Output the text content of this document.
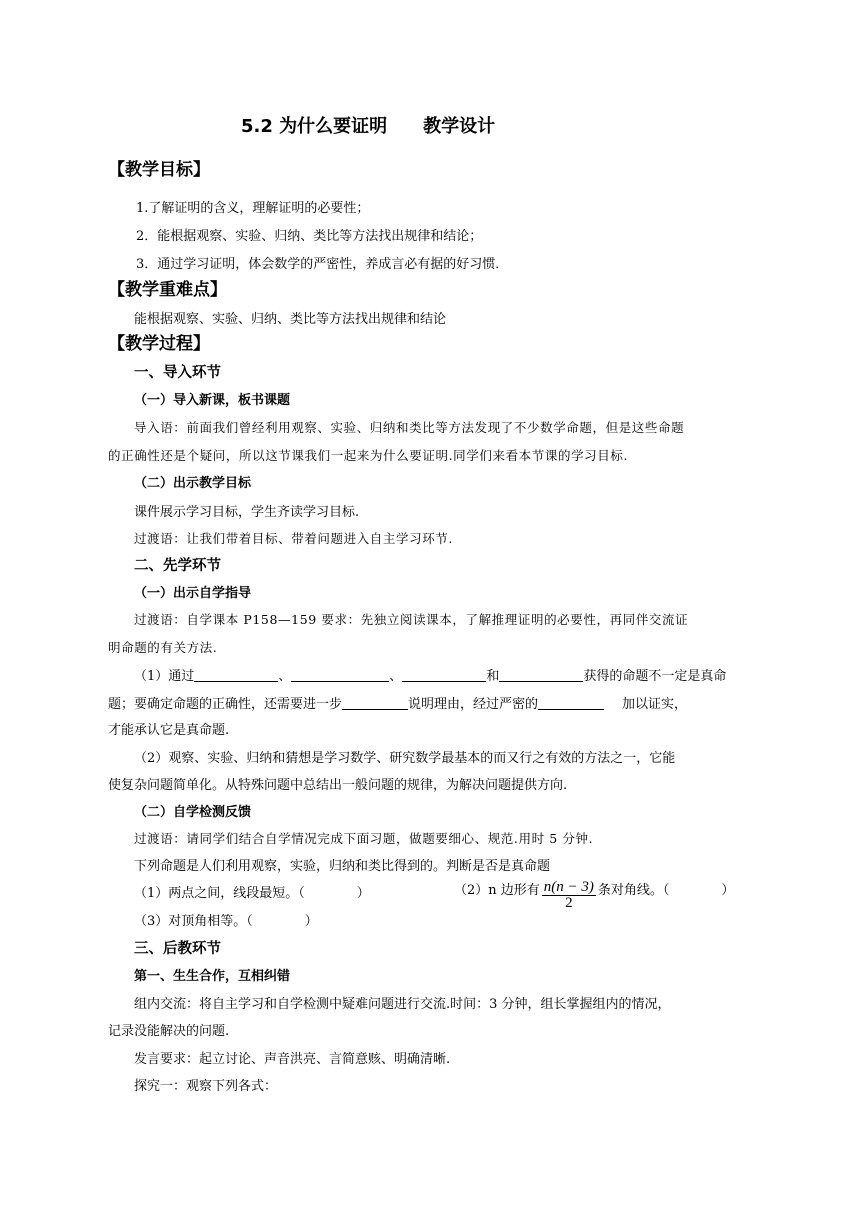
5.2 为什么要证明　　教学设计
【教学目标】
1.了解证明的含义，理解证明的必要性；
2．能根据观察、实验、归纳、类比等方法找出规律和结论；
3．通过学习证明，体会数学的严密性，养成言必有据的好习惯．
【教学重难点】
能根据观察、实验、归纳、类比等方法找出规律和结论
【教学过程】
一、导入环节
（一）导入新课，板书课题
导入语：前面我们曾经利用观察、实验、归纳和类比等方法发现了不少数学命题，但是这些命题
的正确性还是个疑问，所以这节课我们一起来为什么要证明.同学们来看本节课的学习目标.
（二）出示教学目标
课件展示学习目标，学生齐读学习目标.
过渡语：让我们带着目标、带着问题进入自主学习环节.
二、先学环节
（一）出示自学指导
过渡语：自学课本 P158—159 要求：先独立阅读课本，了解推理证明的必要性，再同伴交流证
明命题的有关方法.
（1）通过	、	、	和	获得的命题不一定是真命
题；要确定命题的正确性，还需要进一步	说明理由，经过严密的	加以证实，
才能承认它是真命题.
（2）观察、实验、归纳和猜想是学习数学、研究数学最基本的而又行之有效的方法之一，它能
使复杂问题简单化。从特殊问题中总结出一般问题的规律，为解决问题提供方向.
（二）自学检测反馈
过渡语：请同学们结合自学情况完成下面习题，做题要细心、规范.用时 5 分钟.
下列命题是人们利用观察，实验，归纳和类比得到的。判断是否是真命题
（1）两点之间，线段最短。（　　　　）	（2）n 边形有 $\frac{n(n - 3)}{2}$ 条对角线。（　　　　）
（3）对顶角相等。（　　　　）
三、后教环节
第一、生生合作，互相纠错
组内交流：将自主学习和自学检测中疑难问题进行交流.时间：3 分钟，组长掌握组内的情况，
记录没能解决的问题.
发言要求：起立讨论、声音洪亮、言简意赅、明确清晰.
探究一：观察下列各式：
